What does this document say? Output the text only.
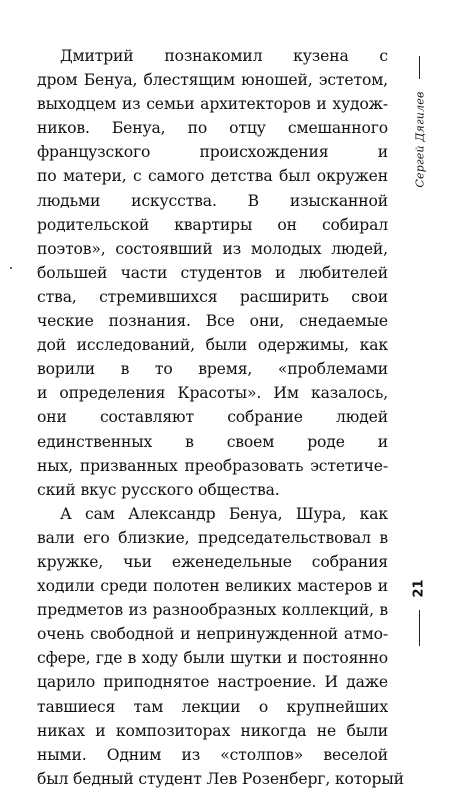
Дмитрий познакомил кузена с
дром Бенуа, блестящим юношей, эстетом,
выходцем из семьи архитекторов и худож-
ников. Бенуа, по отцу смешанного
французского происхождения и
по матери, с самого детства был окружен
людьми искусства. В изысканной
родительской квартиры он собирал
поэтов», состоявший из молодых людей,
большей части студентов и любителей
ства, стремившихся расширить свои
ческие познания. Все они, снедаемые
дой исследований, были одержимы, как
ворили в то время, «проблемами
и определения Красоты». Им казалось,
они составляют собрание людей
единственных в своем роде и
ных, призванных преобразовать эстетиче-
ский вкус русского общества.
А сам Александр Бенуа, Шура, как
вали его близкие, председательствовал в
кружке, чьи еженедельные собрания
ходили среди полотен великих мастеров и
предметов из разнообразных коллекций, в
очень свободной и непринужденной атмо-
сфере, где в ходу были шутки и постоянно
царило приподнятое настроение. И даже
тавшиеся там лекции о крупнейших
никах и композиторах никогда не были
ными. Одним из «столпов» веселой
был бедный студент Лев Розенберг, который
Сергей Дягилев
21
